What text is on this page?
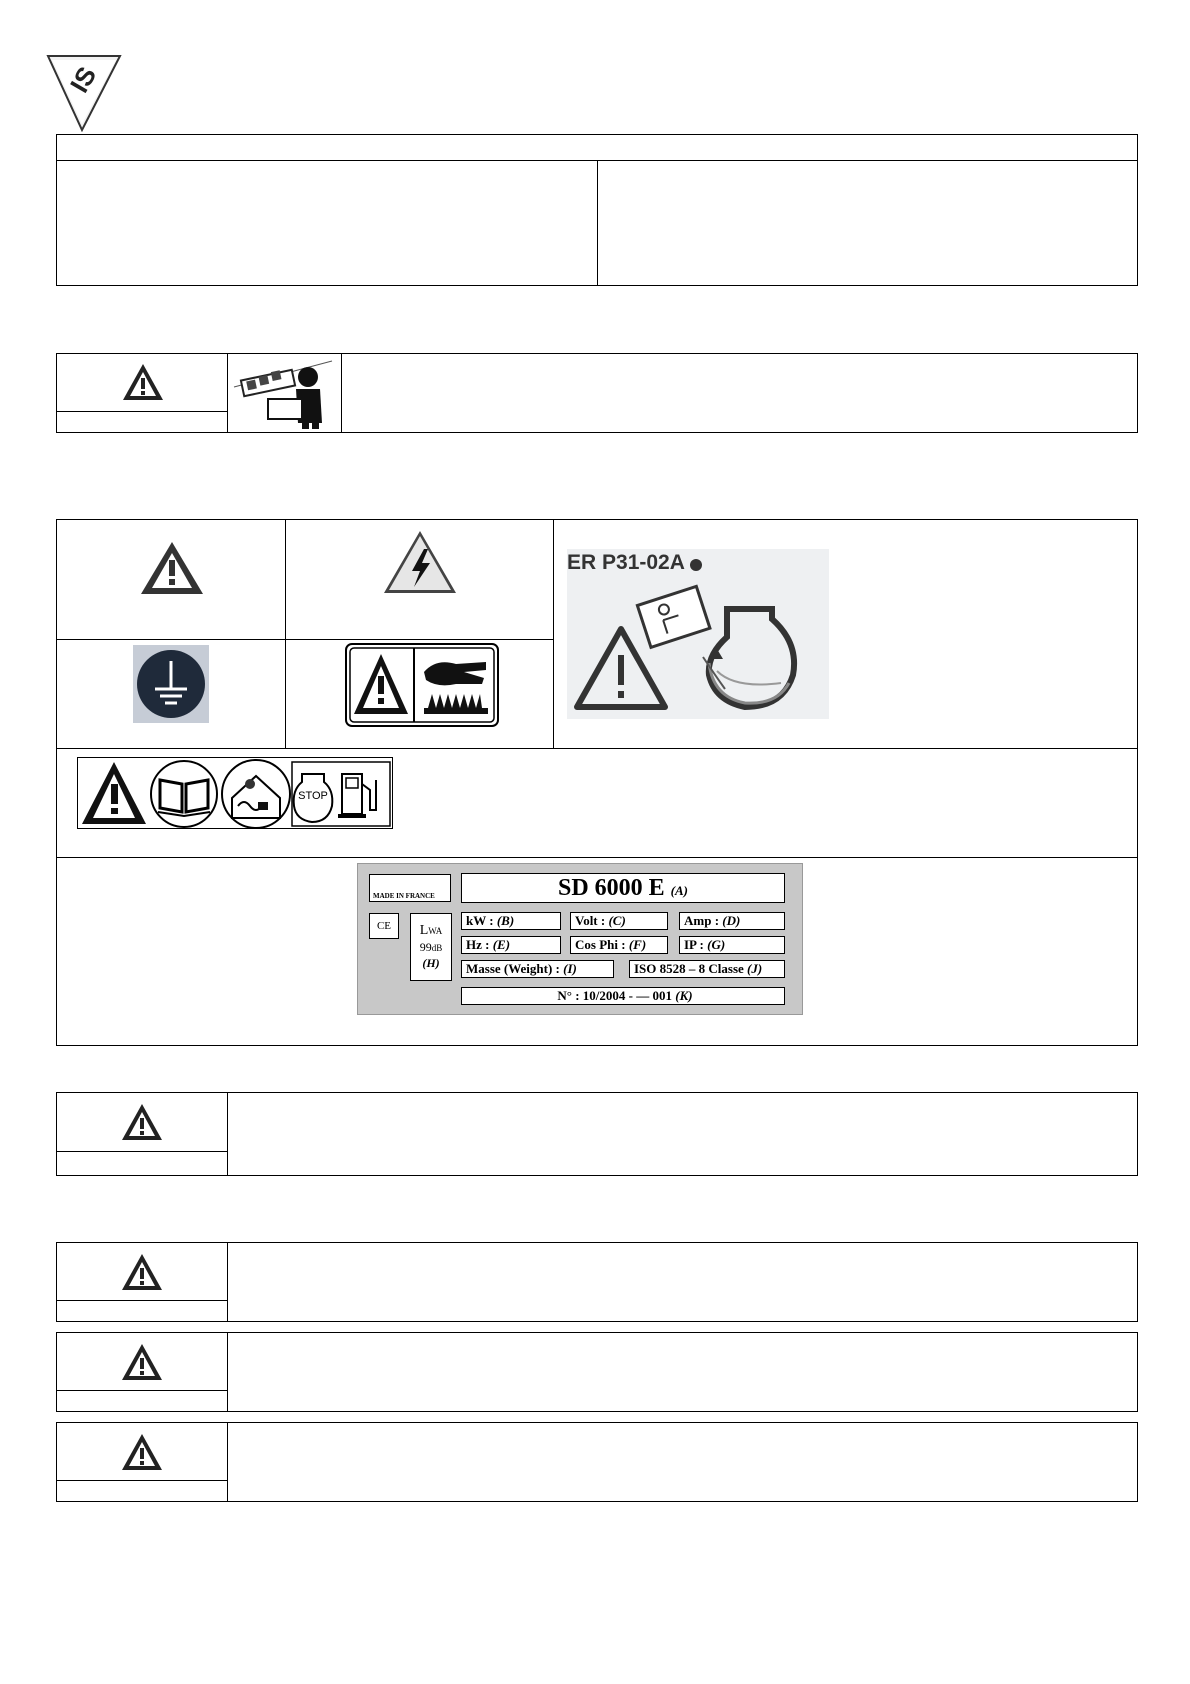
IS
ER P31-02A
STOP
MADE IN FRANCE
CE	LWA
99dB
(H)
SD 6000 E (A)
kW : (B)	Volt : (C)	Amp : (D)
Hz : (E)	Cos Phi : (F)	IP : (G)
Masse (Weight) : (I)	ISO 8528 – 8 Classe (J)
N° : 10/2004 - — 001 (K)
